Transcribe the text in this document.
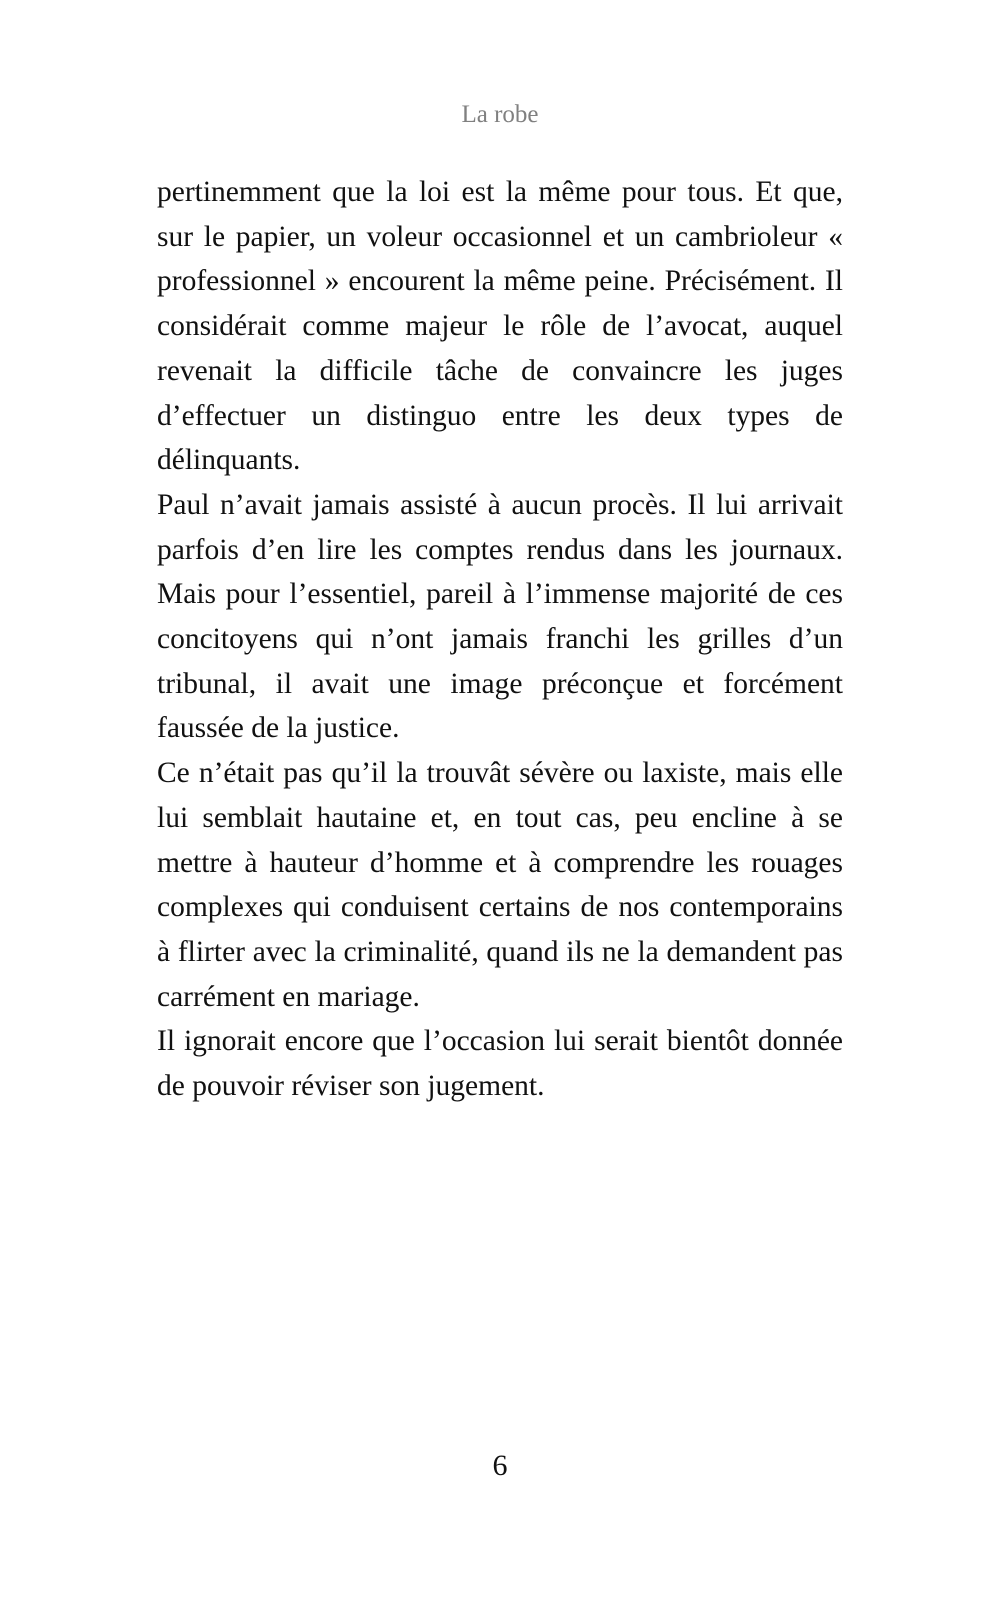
La robe

pertinemment que la loi est la même pour tous. Et que, sur le papier, un voleur occasionnel et un cambrioleur « professionnel » encourent la même peine. Précisément. Il considérait comme majeur le rôle de l’avocat, auquel revenait la difficile tâche de convaincre les juges d’effectuer un distinguo entre les deux types de délinquants.

Paul n’avait jamais assisté à aucun procès. Il lui arrivait parfois d’en lire les comptes rendus dans les journaux. Mais pour l’essentiel, pareil à l’immense majorité de ces concitoyens qui n’ont jamais franchi les grilles d’un tribunal, il avait une image préconçue et forcément faussée de la justice.

Ce n’était pas qu’il la trouvât sévère ou laxiste, mais elle lui semblait hautaine et, en tout cas, peu encline à se mettre à hauteur d’homme et à comprendre les rouages complexes qui conduisent certains de nos contemporains à flirter avec la criminalité, quand ils ne la demandent pas carrément en mariage.

Il ignorait encore que l’occasion lui serait bientôt donnée de pouvoir réviser son jugement.

6
